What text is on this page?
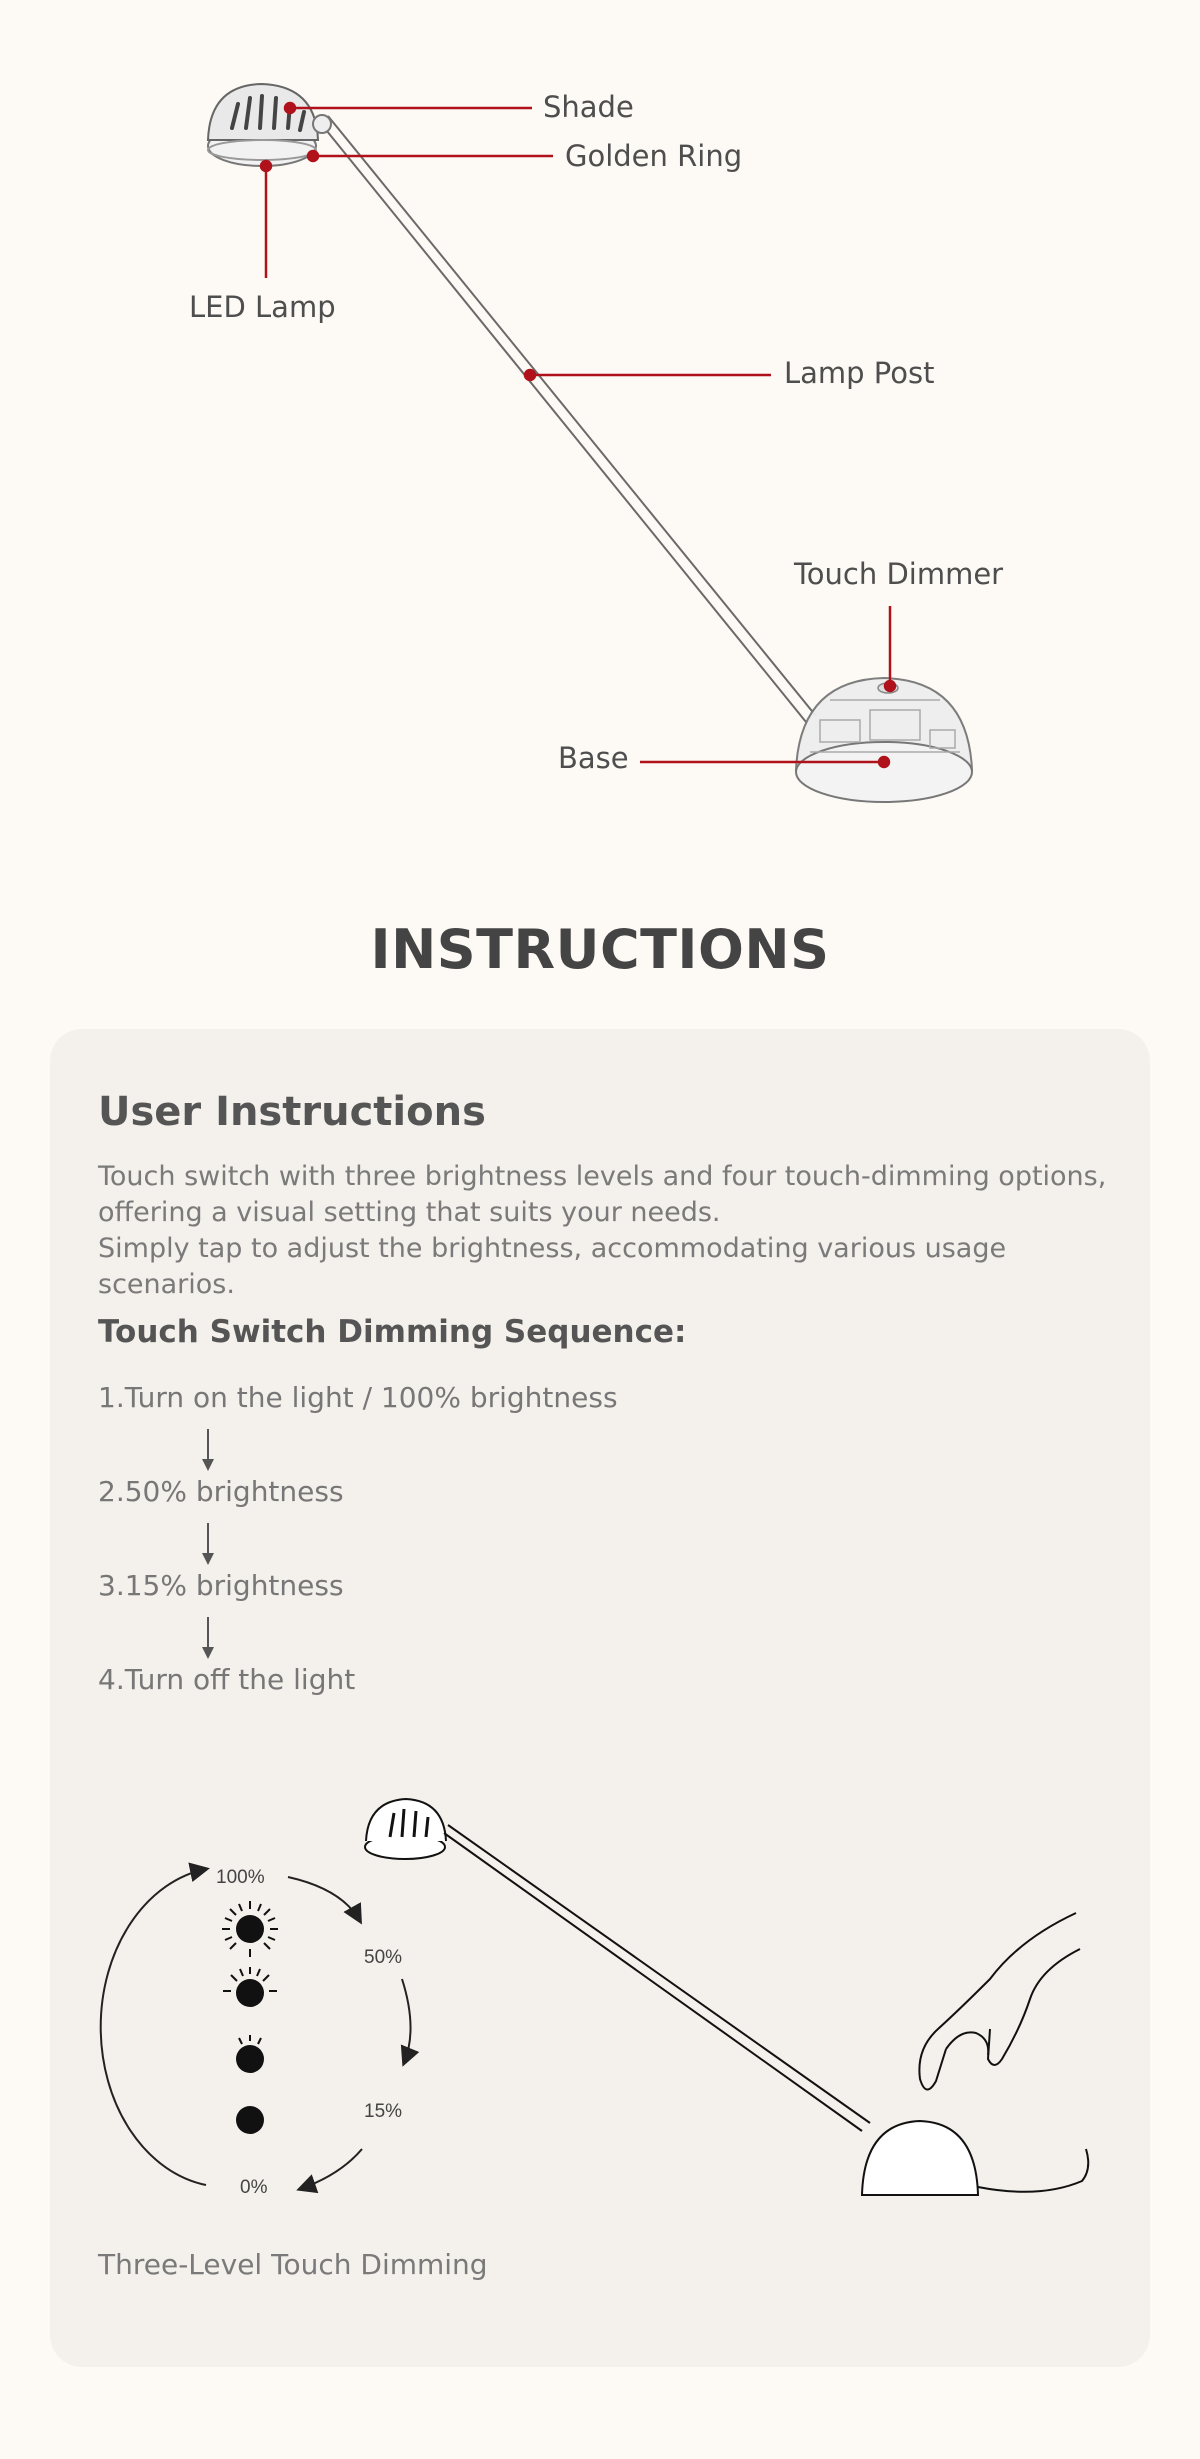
Shade
Golden Ring
LED Lamp
Lamp Post
Touch Dimmer
Base
INSTRUCTIONS
User Instructions

Touch switch with three brightness levels and four touch-dimming options,

offering a visual setting that suits your needs.

Simply tap to adjust the brightness, accommodating various usage scenarios.

Touch Switch Dimming Sequence:
1.Turn on the light / 100% brightness
2.50% brightness
3.15% brightness
4.Turn off the light
100%
50%
15%
0%
Three-Level Touch Dimming
